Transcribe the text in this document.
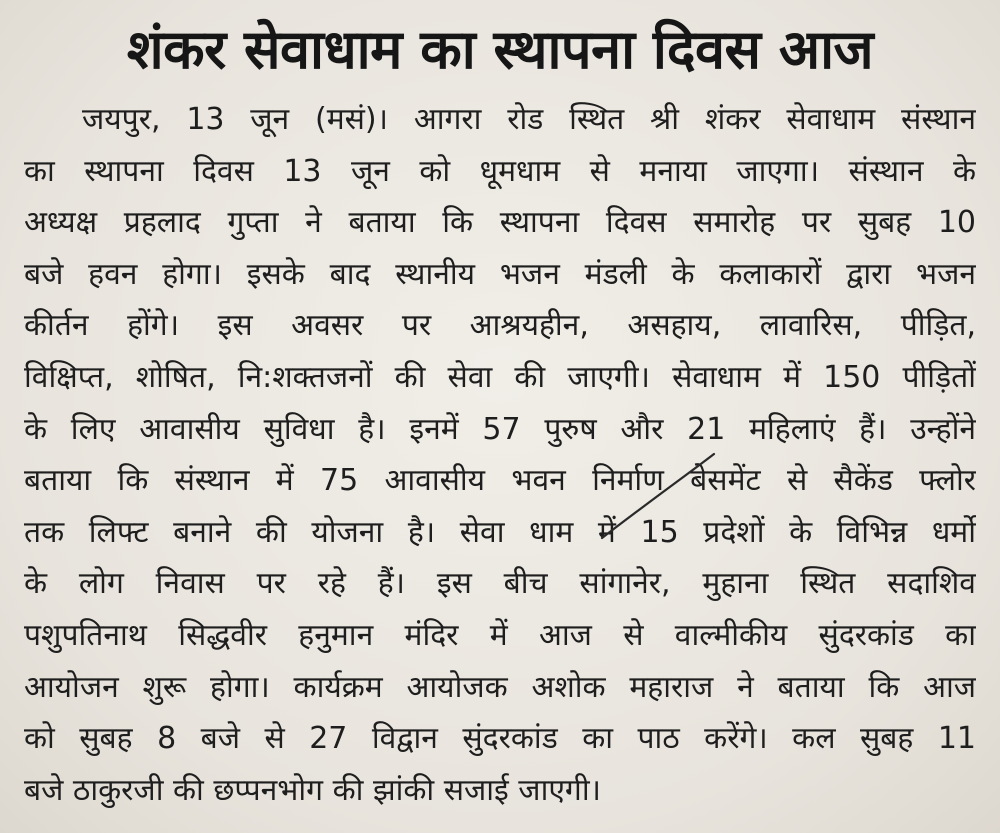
शंकर सेवाधाम का स्थापना दिवस आज
जयपुर, 13 जून (मसं)। आगरा रोड स्थित श्री शंकर सेवाधाम संस्थान
का स्थापना दिवस 13 जून को धूमधाम से मनाया जाएगा। संस्थान के
अध्यक्ष प्रहलाद गुप्ता ने बताया कि स्थापना दिवस समारोह पर सुबह 10
बजे हवन होगा। इसके बाद स्थानीय भजन मंडली के कलाकारों द्वारा भजन
कीर्तन होंगे। इस अवसर पर आश्रयहीन, असहाय, लावारिस, पीड़ित,
विक्षिप्त, शोषित, नि:शक्तजनों की सेवा की जाएगी। सेवाधाम में 150 पीड़ितों
के लिए आवासीय सुविधा है। इनमें 57 पुरुष और 21 महिलाएं हैं। उन्होंने
बताया कि संस्थान में 75 आवासीय भवन निर्माण बेसमेंट से सैकेंड फ्लोर
तक लिफ्ट बनाने की योजना है। सेवा धाम में 15 प्रदेशों के विभिन्न धर्मो
के लोग निवास पर रहे हैं। इस बीच सांगानेर, मुहाना स्थित सदाशिव
पशुपतिनाथ सिद्धवीर हनुमान मंदिर में आज से वाल्मीकीय सुंदरकांड का
आयोजन शुरू होगा। कार्यक्रम आयोजक अशोक महाराज ने बताया कि आज
को सुबह 8 बजे से 27 विद्वान सुंदरकांड का पाठ करेंगे। कल सुबह 11
बजे ठाकुरजी की छप्पनभोग की झांकी सजाई जाएगी।
